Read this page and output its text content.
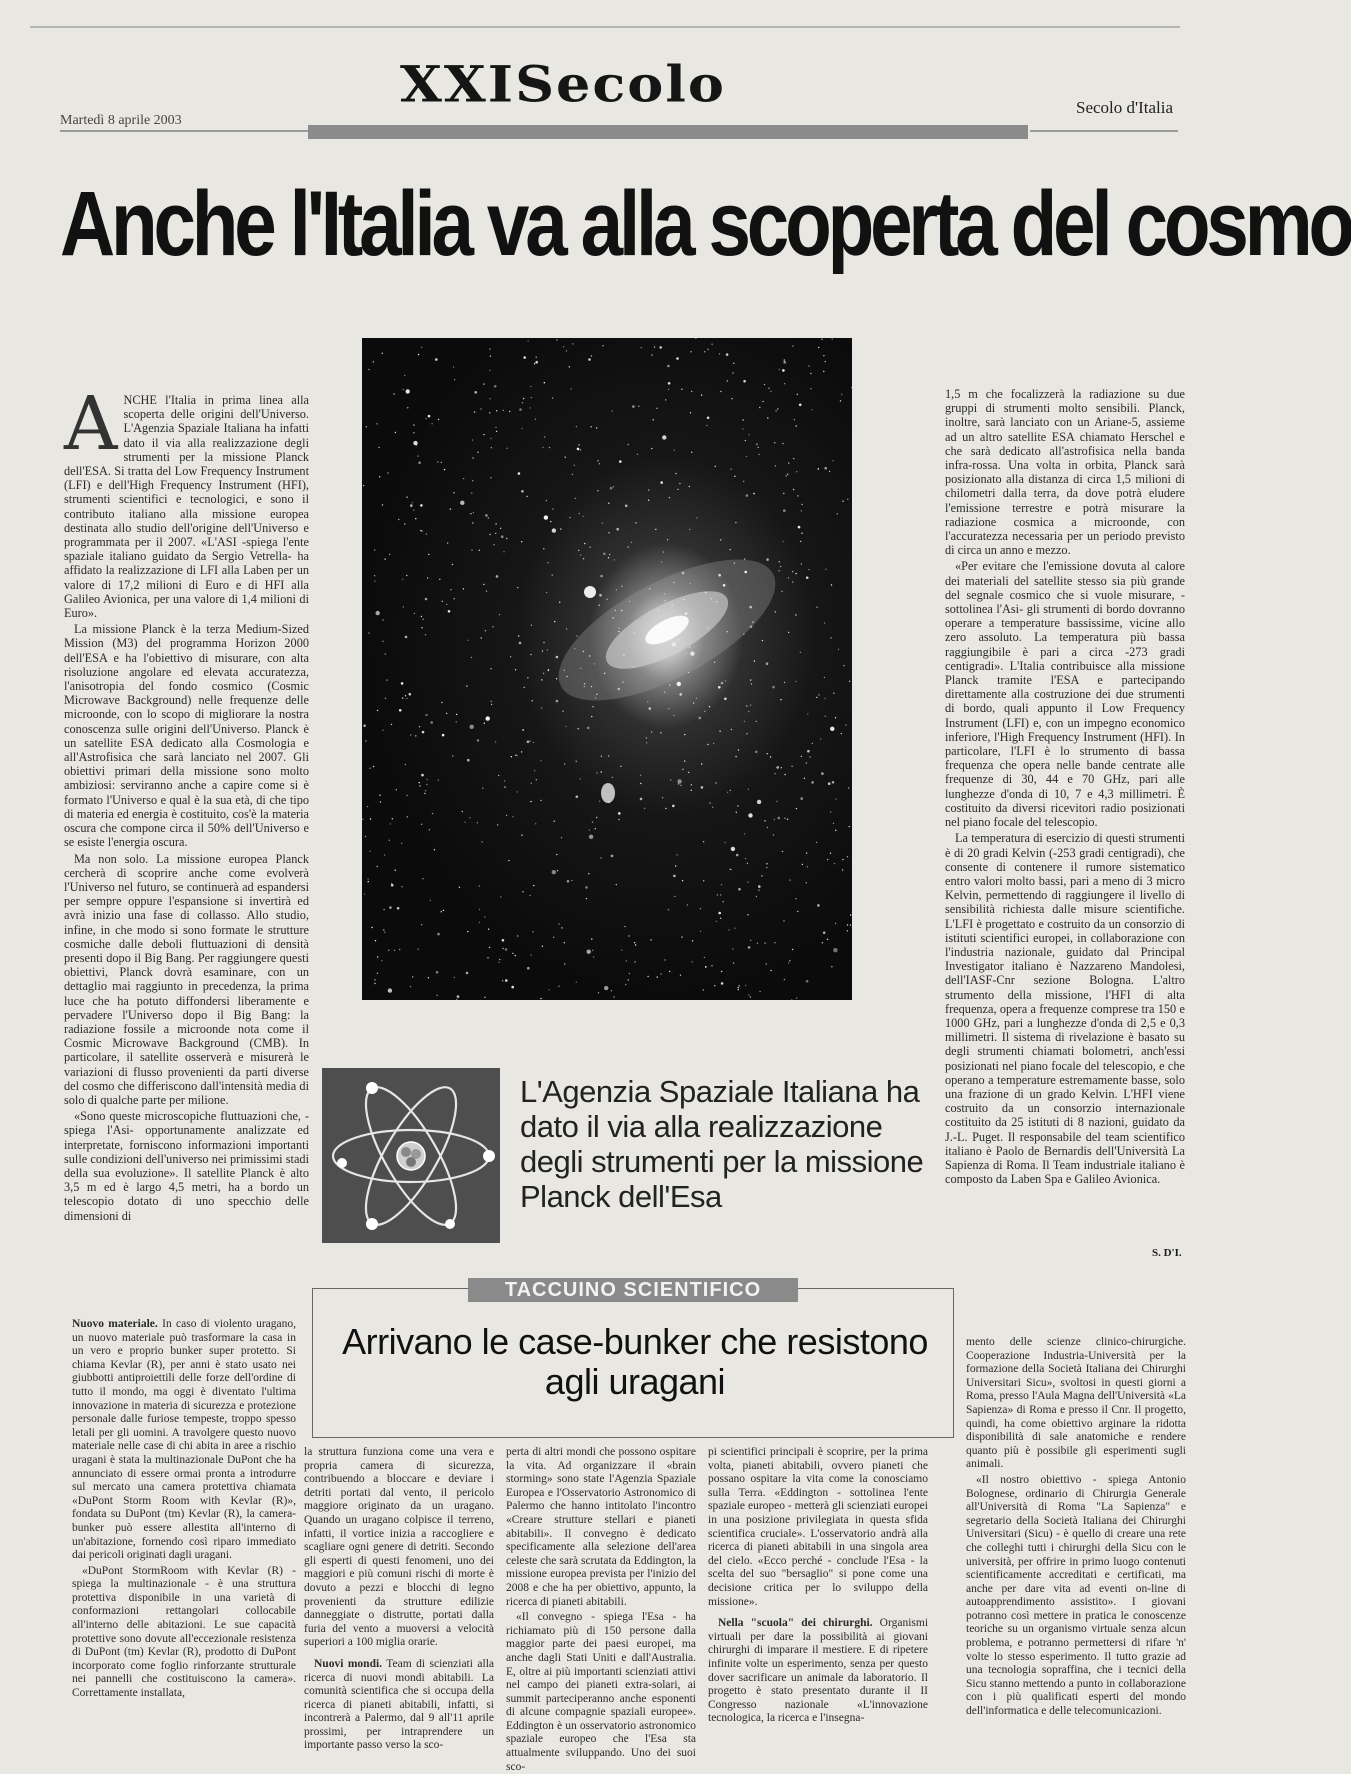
XXISecolo
Martedì 8 aprile 2003
Secolo d'Italia
Anche l'Italia va alla scoperta del cosmo
A NCHE l'Italia in prima linea alla scoperta delle origini dell'Universo. L'Agenzia Spaziale Italiana ha infatti dato il via alla realizzazione degli strumenti per la missione Planck dell'ESA. Si tratta del Low Frequency Instrument (LFI) e dell'High Frequency Instrument (HFI), strumenti scientifici e tecnologici, e sono il contributo italiano alla missione europea destinata allo studio dell'origine dell'Universo e programmata per il 2007. «L'ASI -spiega l'ente spaziale italiano guidato da Sergio Vetrella- ha affidato la realizzazione di LFI alla Laben per un valore di 17,2 milioni di Euro e di HFI alla Galileo Avionica, per una valore di 1,4 milioni di Euro».

La missione Planck è la terza Medium-Sized Mission (M3) del programma Horizon 2000 dell'ESA e ha l'obiettivo di misurare, con alta risoluzione angolare ed elevata accuratezza, l'anisotropia del fondo cosmico (Cosmic Microwave Background) nelle frequenze delle microonde, con lo scopo di migliorare la nostra conoscenza sulle origini dell'Universo. Planck è un satellite ESA dedicato alla Cosmologia e all'Astrofisica che sarà lanciato nel 2007. Gli obiettivi primari della missione sono molto ambiziosi: serviranno anche a capire come si è formato l'Universo e qual è la sua età, di che tipo di materia ed energia è costituito, cos'è la materia oscura che compone circa il 50% dell'Universo e se esiste l'energia oscura.

Ma non solo. La missione europea Planck cercherà di scoprire anche come evolverà l'Universo nel futuro, se continuerà ad espandersi per sempre oppure l'espansione si invertirà ed avrà inizio una fase di collasso. Allo studio, infine, in che modo si sono formate le strutture cosmiche dalle deboli fluttuazioni di densità presenti dopo il Big Bang. Per raggiungere questi obiettivi, Planck dovrà esaminare, con un dettaglio mai raggiunto in precedenza, la prima luce che ha potuto diffondersi liberamente e pervadere l'Universo dopo il Big Bang: la radiazione fossile a microonde nota come il Cosmic Microwave Background (CMB). In particolare, il satellite osserverà e misurerà le variazioni di flusso provenienti da parti diverse del cosmo che differiscono dall'intensità media di solo di qualche parte per milione.

«Sono queste microscopiche fluttuazioni che, -spiega l'Asi- opportunamente analizzate ed interpretate, forniscono informazioni importanti sulle condizioni dell'universo nei primissimi stadi della sua evoluzione». Il satellite Planck è alto 3,5 m ed è largo 4,5 metri, ha a bordo un telescopio dotato di uno specchio delle dimensioni di

1,5 m che focalizzerà la radiazione su due gruppi di strumenti molto sensibili. Planck, inoltre, sarà lanciato con un Ariane-5, assieme ad un altro satellite ESA chiamato Herschel e che sarà dedicato all'astrofisica nella banda infra-rossa. Una volta in orbita, Planck sarà posizionato alla distanza di circa 1,5 milioni di chilometri dalla terra, da dove potrà eludere l'emissione terrestre e potrà misurare la radiazione cosmica a microonde, con l'accuratezza necessaria per un periodo previsto di circa un anno e mezzo.

«Per evitare che l'emissione dovuta al calore dei materiali del satellite stesso sia più grande del segnale cosmico che si vuole misurare, -sottolinea l'Asi- gli strumenti di bordo dovranno operare a temperature bassissime, vicine allo zero assoluto. La temperatura più bassa raggiungibile è pari a circa -273 gradi centigradi». L'Italia contribuisce alla missione Planck tramite l'ESA e partecipando direttamente alla costruzione dei due strumenti di bordo, quali appunto il Low Frequency Instrument (LFI) e, con un impegno economico inferiore, l'High Frequency Instrument (HFI). In particolare, l'LFI è lo strumento di bassa frequenza che opera nelle bande centrate alle frequenze di 30, 44 e 70 GHz, pari alle lunghezze d'onda di 10, 7 e 4,3 millimetri. È costituito da diversi ricevitori radio posizionati nel piano focale del telescopio.

La temperatura di esercizio di questi strumenti è di 20 gradi Kelvin (-253 gradi centigradi), che consente di contenere il rumore sistematico entro valori molto bassi, pari a meno di 3 micro Kelvin, permettendo di raggiungere il livello di sensibilità richiesta dalle misure scientifiche. L'LFI è progettato e costruito da un consorzio di istituti scientifici europei, in collaborazione con l'industria nazionale, guidato dal Principal Investigator italiano è Nazzareno Mandolesi, dell'IASF-Cnr sezione Bologna. L'altro strumento della missione, l'HFI di alta frequenza, opera a frequenze comprese tra 150 e 1000 GHz, pari a lunghezze d'onda di 2,5 e 0,3 millimetri. Il sistema di rivelazione è basato su degli strumenti chiamati bolometri, anch'essi posizionati nel piano focale del telescopio, e che operano a temperature estremamente basse, solo una frazione di un grado Kelvin. L'HFI viene costruito da un consorzio internazionale costituito da 25 istituti di 8 nazioni, guidato da J.-L. Puget. Il responsabile del team scientifico italiano è Paolo de Bernardis dell'Università La Sapienza di Roma. Il Team industriale italiano è composto da Laben Spa e Galileo Avionica.

S. D'I.
L'Agenzia Spaziale Italiana ha dato il via alla realizzazione degli strumenti per la missione Planck dell'Esa
TACCUINO SCIENTIFICO
Arrivano le case-bunker che resistono agli uragani

Nuovo materiale. In caso di violento uragano, un nuovo materiale può trasformare la casa in un vero e proprio bunker super protetto. Si chiama Kevlar (R), per anni è stato usato nei giubbotti antiproiettili delle forze dell'ordine di tutto il mondo, ma oggi è diventato l'ultima innovazione in materia di sicurezza e protezione personale dalle furiose tempeste, troppo spesso letali per gli uomini. A travolgere questo nuovo materiale nelle case di chi abita in aree a rischio uragani è stata la multinazionale DuPont che ha annunciato di essere ormai pronta a introdurre sul mercato una camera protettiva chiamata «DuPont Storm Room with Kevlar (R)», fondata su DuPont (tm) Kevlar (R), la camera-bunker può essere allestita all'interno di un'abitazione, fornendo così riparo immediato dai pericoli originati dagli uragani.

«DuPont StormRoom with Kevlar (R) - spiega la multinazionale - è una struttura protettiva disponibile in una varietà di conformazioni rettangolari collocabile all'interno delle abitazioni. Le sue capacità protettive sono dovute all'eccezionale resistenza di DuPont (tm) Kevlar (R), prodotto di DuPont incorporato come foglio rinforzante strutturale nei pannelli che costituiscono la camera». Correttamente installata,

la struttura funziona come una vera e propria camera di sicurezza, contribuendo a bloccare e deviare i detriti portati dal vento, il pericolo maggiore originato da un uragano. Quando un uragano colpisce il terreno, infatti, il vortice inizia a raccogliere e scagliare ogni genere di detriti. Secondo gli esperti di questi fenomeni, uno dei maggiori e più comuni rischi di morte è dovuto a pezzi e blocchi di legno provenienti da strutture edilizie danneggiate o distrutte, portati dalla furia del vento a muoversi a velocità superiori a 100 miglia orarie.

Nuovi mondi. Team di scienziati alla ricerca di nuovi mondi abitabili. La comunità scientifica che si occupa della ricerca di pianeti abitabili, infatti, si incontrerà a Palermo, dal 9 all'11 aprile prossimi, per intraprendere un importante passo verso la sco-

perta di altri mondi che possono ospitare la vita. Ad organizzare il «brain storming» sono state l'Agenzia Spaziale Europea e l'Osservatorio Astronomico di Palermo che hanno intitolato l'incontro «Creare strutture stellari e pianeti abitabili». Il convegno è dedicato specificamente alla selezione dell'area celeste che sarà scrutata da Eddington, la missione europea prevista per l'inizio del 2008 e che ha per obiettivo, appunto, la ricerca di pianeti abitabili.

«Il convegno - spiega l'Esa - ha richiamato più di 150 persone dalla maggior parte dei paesi europei, ma anche dagli Stati Uniti e dall'Australia. E, oltre ai più importanti scienziati attivi nel campo dei pianeti extra-solari, ai summit parteciperanno anche esponenti di alcune compagnie spaziali europee». Eddington è un osservatorio astronomico spaziale europeo che l'Esa sta attualmente sviluppando. Uno dei suoi sco-

pi scientifici principali è scoprire, per la prima volta, pianeti abitabili, ovvero pianeti che possano ospitare la vita come la conosciamo sulla Terra. «Eddington - sottolinea l'ente spaziale europeo - metterà gli scienziati europei in una posizione privilegiata in questa sfida scientifica cruciale». L'osservatorio andrà alla ricerca di pianeti abitabili in una singola area del cielo. «Ecco perché - conclude l'Esa - la scelta del suo "bersaglio" si pone come una decisione critica per lo sviluppo della missione».

Nella "scuola" dei chirurghi. Organismi virtuali per dare la possibilità ai giovani chirurghi di imparare il mestiere. E di ripetere infinite volte un esperimento, senza per questo dover sacrificare un animale da laboratorio. Il progetto è stato presentato durante il II Congresso nazionale «L'innovazione tecnologica, la ricerca e l'insegna-

mento delle scienze clinico-chirurgiche. Cooperazione Industria-Università per la formazione della Società Italiana dei Chirurghi Universitari Sicu», svoltosi in questi giorni a Roma, presso l'Aula Magna dell'Università «La Sapienza» di Roma e presso il Cnr. Il progetto, quindi, ha come obiettivo arginare la ridotta disponibilità di sale anatomiche e rendere quanto più è possibile gli esperimenti sugli animali.

«Il nostro obiettivo - spiega Antonio Bolognese, ordinario di Chirurgia Generale all'Università di Roma "La Sapienza" e segretario della Società Italiana dei Chirurghi Universitari (Sicu) - è quello di creare una rete che colleghi tutti i chirurghi della Sicu con le università, per offrire in primo luogo contenuti scientificamente accreditati e certificati, ma anche per dare vita ad eventi on-line di autoapprendimento assistito». I giovani potranno così mettere in pratica le conoscenze teoriche su un organismo virtuale senza alcun problema, e potranno permettersi di rifare 'n' volte lo stesso esperimento. Il tutto grazie ad una tecnologia sopraffina, che i tecnici della Sicu stanno mettendo a punto in collaborazione con i più qualificati esperti del mondo dell'informatica e delle telecomunicazioni.
